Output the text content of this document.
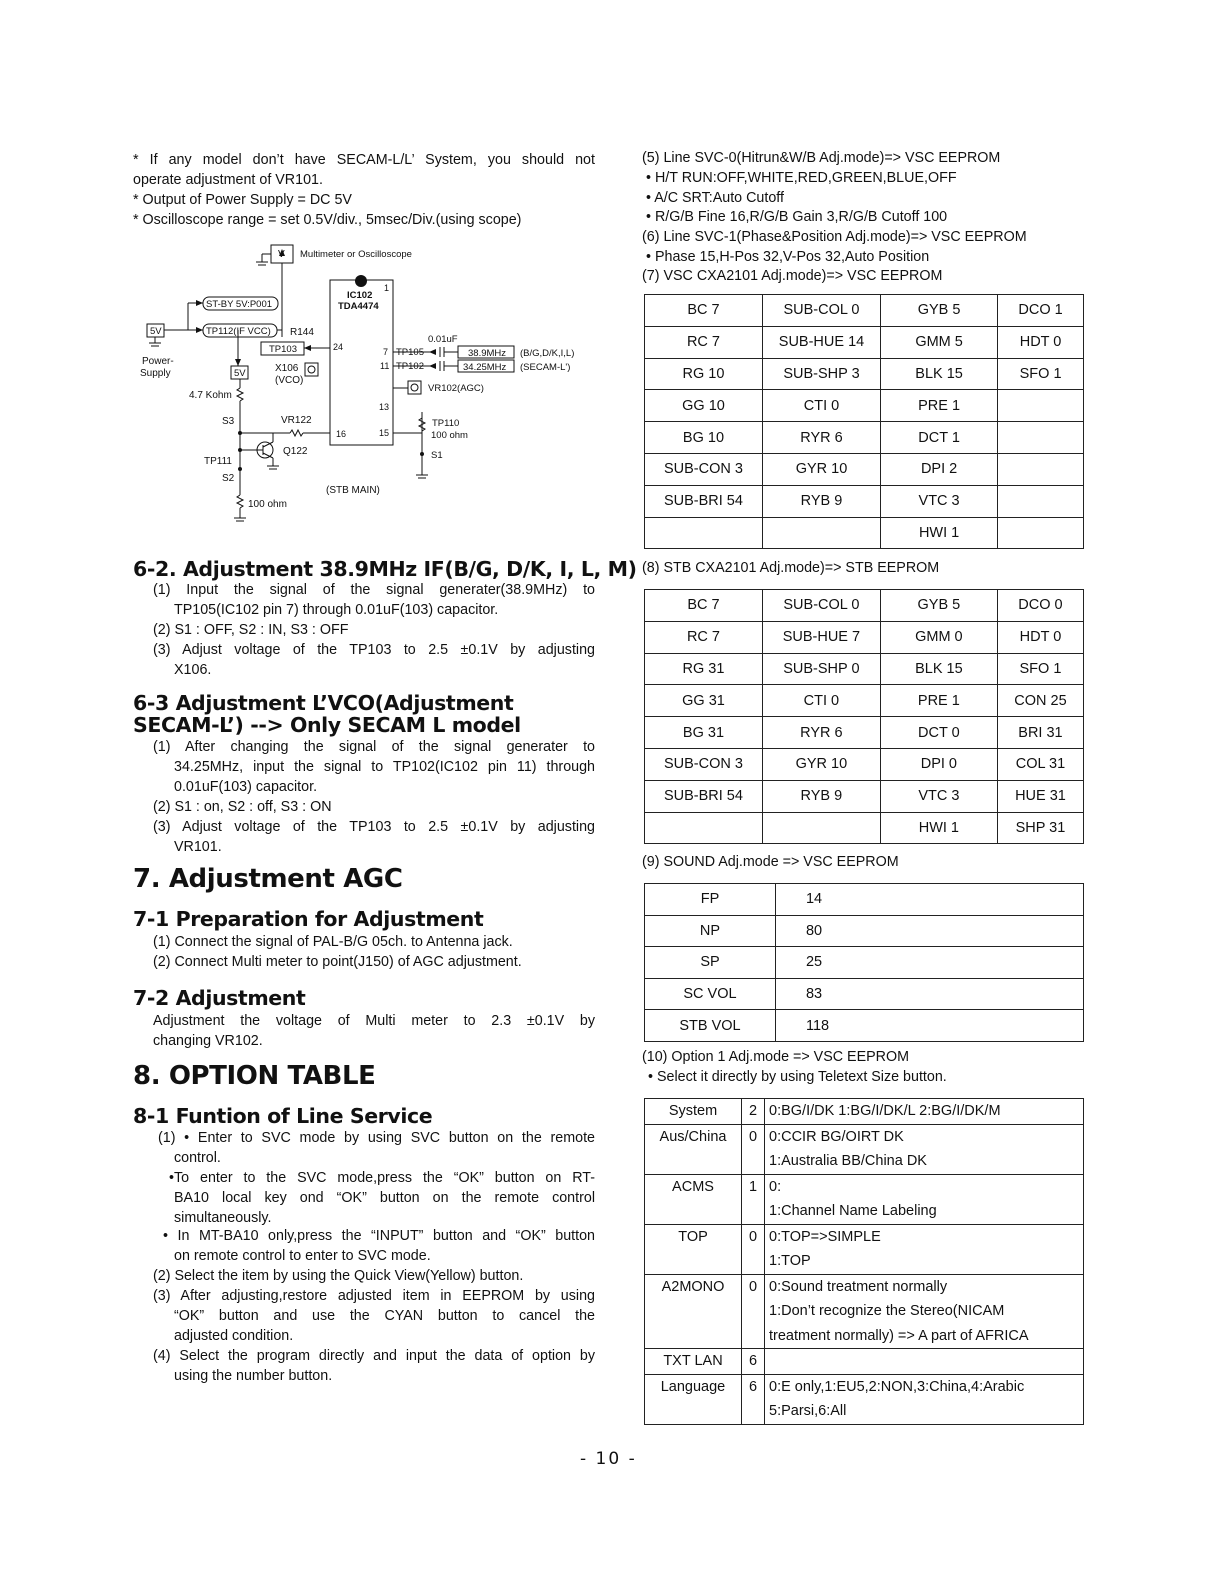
* If any model don’t have SECAM-L/L’ System, you should not
operate adjustment of VR101.
* Output of Power Supply = DC 5V
* Oscilloscope range = set 0.5V/div., 5msec/Div.(using scope)
6-2. Adjustment 38.9MHz IF(B/G, D/K, I, L, M)
(1) Input the signal of the signal generater(38.9MHz) to
TP105(IC102 pin 7) through 0.01uF(103) capacitor.
(2) S1 : OFF, S2 : IN, S3 : OFF
(3) Adjust voltage of the TP103 to 2.5 ±0.1V by adjusting
X106.
6-3 Adjustment L’VCO(Adjustment
SECAM-L’) --> Only SECAM L model
(1) After changing the signal of the signal generater to
34.25MHz, input the signal to TP102(IC102 pin 11) through
0.01uF(103) capacitor.
(2) S1 : on, S2 : off, S3 : ON
(3) Adjust voltage of the TP103 to 2.5 ±0.1V by adjusting
VR101.
7. Adjustment AGC
7-1 Preparation for Adjustment
(1) Connect the signal of PAL-B/G 05ch. to Antenna jack.
(2) Connect Multi meter to point(J150) of AGC adjustment.
7-2 Adjustment
Adjustment the voltage of Multi meter to 2.3 ±0.1V by
changing VR102.
8. OPTION TABLE
8-1 Funtion of Line Service
(1) • Enter to SVC mode by using SVC button on the remote
control.
•To enter to the SVC mode,press the “OK” button on RT-
BA10 local key ond “OK” button on the remote control
simultaneously.
• In MT-BA10 only,press the “INPUT” button and “OK” button
on remote control to enter to SVC mode.
(2) Select the item by using the Quick View(Yellow) button.
(3) After adjusting,restore adjusted item in EEPROM by using
“OK” button and use the CYAN button to cancel the
adjusted condition.
(4) Select the program directly and input the data of option by
using the number button.
V Multimeter or Oscilloscope
ST-BY 5V:P001
5V	TP112(IF VCC) R144
Power-
Supply
TP103
5V
IC102
TDA4474
1
24
X106
(VCO)
4.7 Kohm
S3	VR122
Q122
TP111
S2
100 ohm
(STB MAIN)
16	15
13
7
11
TP105
TP102
0.01uF
38.9MHz
34.25MHz
(B/G,D/K,I,L)
(SECAM-L')
VR102(AGC)
TP110
100 ohm
S1
(5) Line SVC-0(Hitrun&W/B Adj.mode)=> VSC EEPROM
• H/T RUN:OFF,WHITE,RED,GREEN,BLUE,OFF
• A/C SRT:Auto Cutoff
• R/G/B Fine 16,R/G/B Gain 3,R/G/B Cutoff 100
(6) Line SVC-1(Phase&Position Adj.mode)=> VSC EEPROM
• Phase 15,H-Pos 32,V-Pos 32,Auto Position
(7) VSC CXA2101 Adj.mode)=> VSC EEPROM
BC 7	SUB-COL 0	GYB 5	DCO 1
RC 7	SUB-HUE 14	GMM 5	HDT 0
RG 10	SUB-SHP 3	BLK 15	SFO 1
GG 10	CTI 0	PRE 1	
BG 10	RYR 6	DCT 1	
SUB-CON 3	GYR 10	DPI 2	
SUB-BRI 54	RYB 9	VTC 3	
		HWI 1	
(8) STB CXA2101 Adj.mode)=> STB EEPROM
BC 7	SUB-COL 0	GYB 5	DCO 0
RC 7	SUB-HUE 7	GMM 0	HDT 0
RG 31	SUB-SHP 0	BLK 15	SFO 1
GG 31	CTI 0	PRE 1	CON 25
BG 31	RYR 6	DCT 0	BRI 31
SUB-CON 3	GYR 10	DPI 0	COL 31
SUB-BRI 54	RYB 9	VTC 3	HUE 31
		HWI 1	SHP 31
(9) SOUND Adj.mode => VSC EEPROM
FP	14
NP	80
SP	25
SC VOL	83
STB VOL	118
(10) Option 1 Adj.mode => VSC EEPROM
• Select it directly by using Teletext Size button.
System	2	0:BG/I/DK 1:BG/I/DK/L 2:BG/I/DK/M

Aus/China	0	0:CCIR BG/OIRT DK
1:Australia BB/China DK

ACMS	1	0:
1:Channel Name Labeling

TOP	0	0:TOP=>SIMPLE
1:TOP

A2MONO	0	0:Sound treatment normally
1:Don’t recognize the Stereo(NICAM
treatment normally) => A part of AFRICA

TXT LAN	6	

Language	6	0:E only,1:EU5,2:NON,3:China,4:Arabic
5:Parsi,6:All
- 10 -
